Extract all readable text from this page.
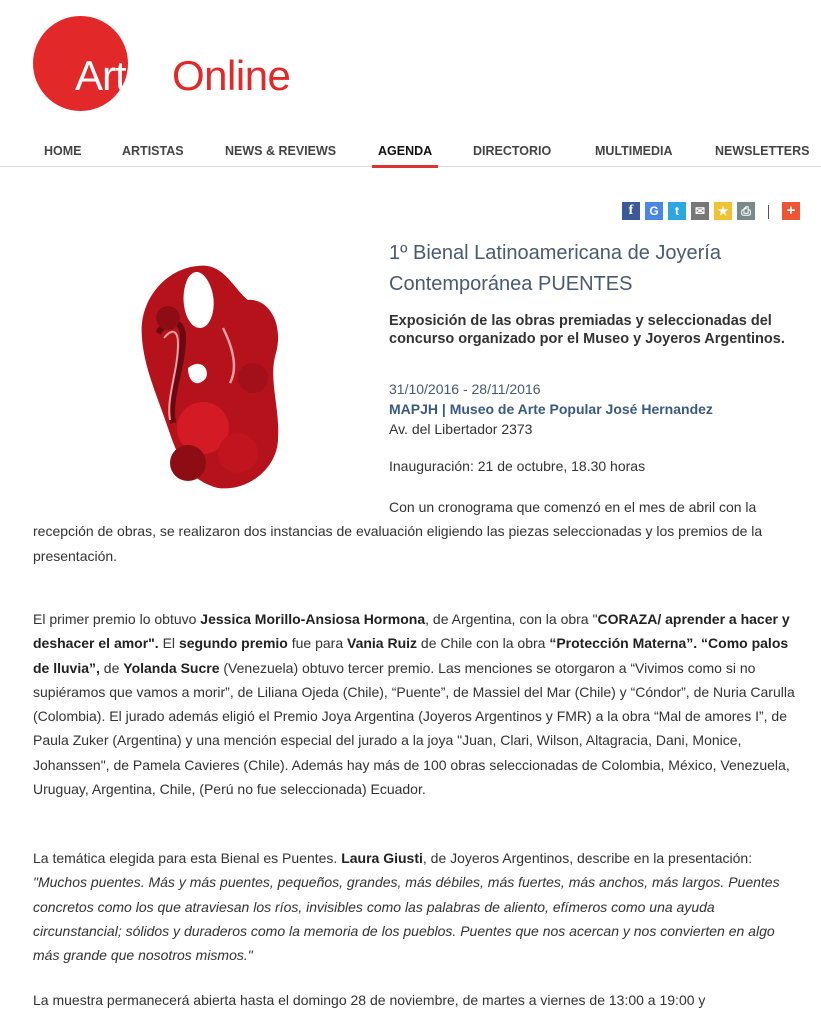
Arte Online
HOME	ARTISTAS	NEWS & REVIEWS	AGENDA	DIRECTORIO	MULTIMEDIA	NEWSLETTERS
f	G	t	✉	★	⎙	+
1º Bienal Latinoamericana de Joyería Contemporánea PUENTES
Exposición de las obras premiadas y seleccionadas del concurso organizado por el Museo y Joyeros Argentinos.
31/10/2016 - 28/11/2016
MAPJH | Museo de Arte Popular José Hernandez
Av. del Libertador 2373
Inauguración: 21 de octubre, 18.30 horas
Con un cronograma que comenzó en el mes de abril con la recepción de obras, se realizaron dos instancias de evaluación eligiendo las piezas seleccionadas y los premios de la presentación.
El primer premio lo obtuvo Jessica Morillo-Ansiosa Hormona, de Argentina, con la obra "CORAZA/ aprender a hacer y deshacer el amor". El segundo premio fue para Vania Ruiz de Chile con la obra “Protección Materna”. “Como palos de lluvia”, de Yolanda Sucre (Venezuela) obtuvo tercer premio. Las menciones se otorgaron a “Vivimos como si no supiéramos que vamos a morir”, de Liliana Ojeda (Chile), “Puente”, de Massiel del Mar (Chile) y “Cóndor”, de Nuria Carulla (Colombia). El jurado además eligió el Premio Joya Argentina (Joyeros Argentinos y FMR) a la obra “Mal de amores I”, de Paula Zuker (Argentina) y una mención especial del jurado a la joya "Juan, Clari, Wilson, Altagracia, Dani, Monice, Johanssen", de Pamela Cavieres (Chile). Además hay más de 100 obras seleccionadas de Colombia, México, Venezuela, Uruguay, Argentina, Chile, (Perú no fue seleccionada) Ecuador.
La temática elegida para esta Bienal es Puentes. Laura Giusti, de Joyeros Argentinos, describe en la presentación: "Muchos puentes. Más y más puentes, pequeños, grandes, más débiles, más fuertes, más anchos, más largos. Puentes concretos como los que atraviesan los ríos, invisibles como las palabras de aliento, efímeros como una ayuda circunstancial; sólidos y duraderos como la memoria de los pueblos. Puentes que nos acercan y nos convierten en algo más grande que nosotros mismos."
La muestra permanecerá abierta hasta el domingo 28 de noviembre, de martes a viernes de 13:00 a 19:00 y
